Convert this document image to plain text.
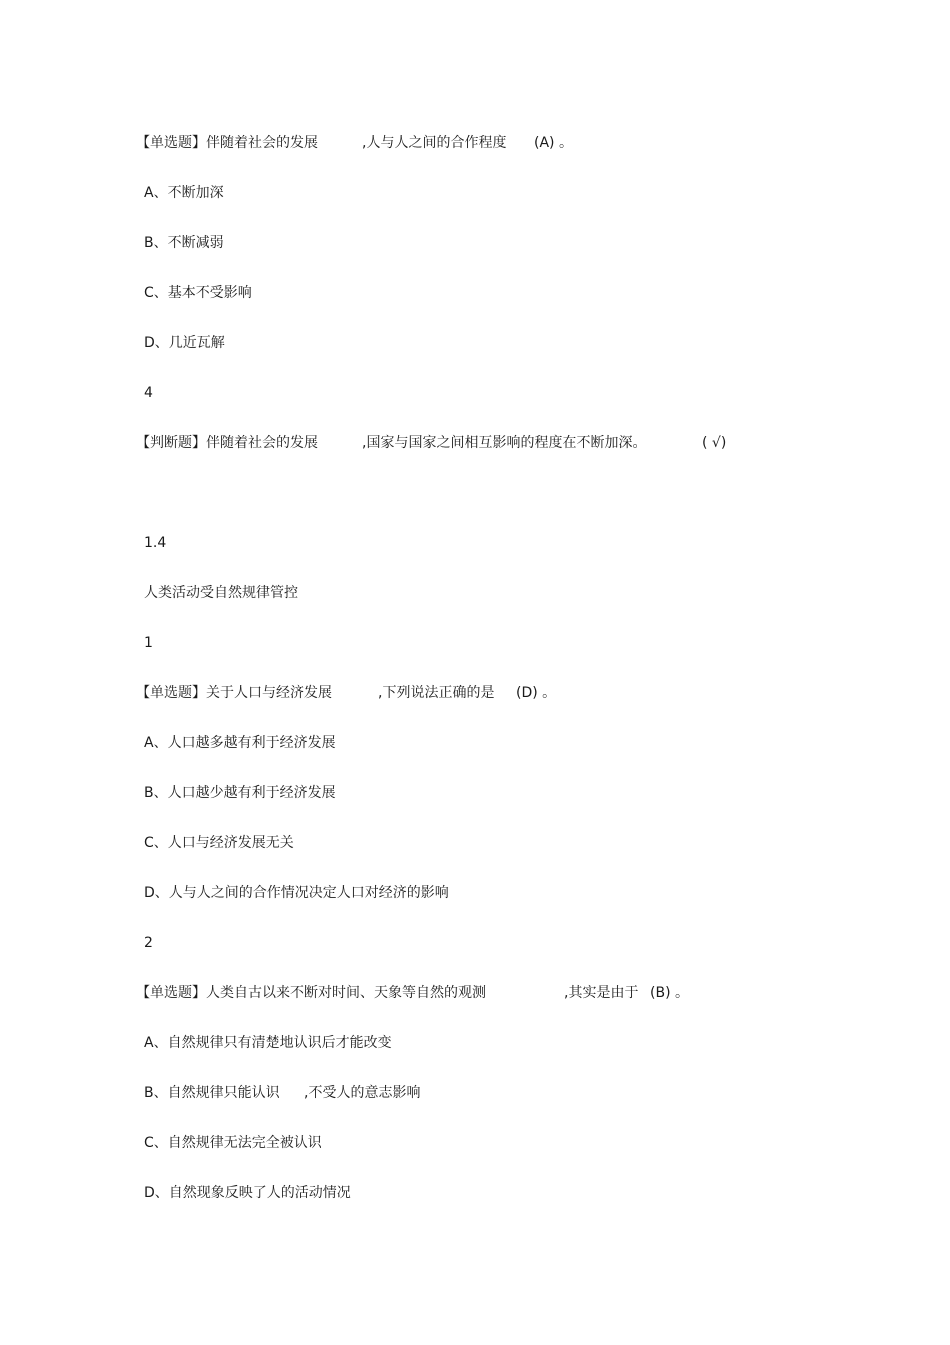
【单选题】伴随着社会的发展	,人与人之间的合作程度 (A) 。
A、不断加深
B、不断减弱
C、基本不受影响
D、几近瓦解
4
【判断题】伴随着社会的发展	,国家与国家之间相互影响的程度在不断加深。	( √)
1.4
人类活动受自然规律管控
1
【单选题】关于人口与经济发展	,下列说法正确的是 (D) 。
A、人口越多越有利于经济发展
B、人口越少越有利于经济发展
C、人口与经济发展无关
D、人与人之间的合作情况决定人口对经济的影响
2
【单选题】人类自古以来不断对时间、天象等自然的观测	,其实是由于 (B) 。
A、自然规律只有清楚地认识后才能改变
B、自然规律只能认识 ,不受人的意志影响
C、自然规律无法完全被认识
D、自然现象反映了人的活动情况
